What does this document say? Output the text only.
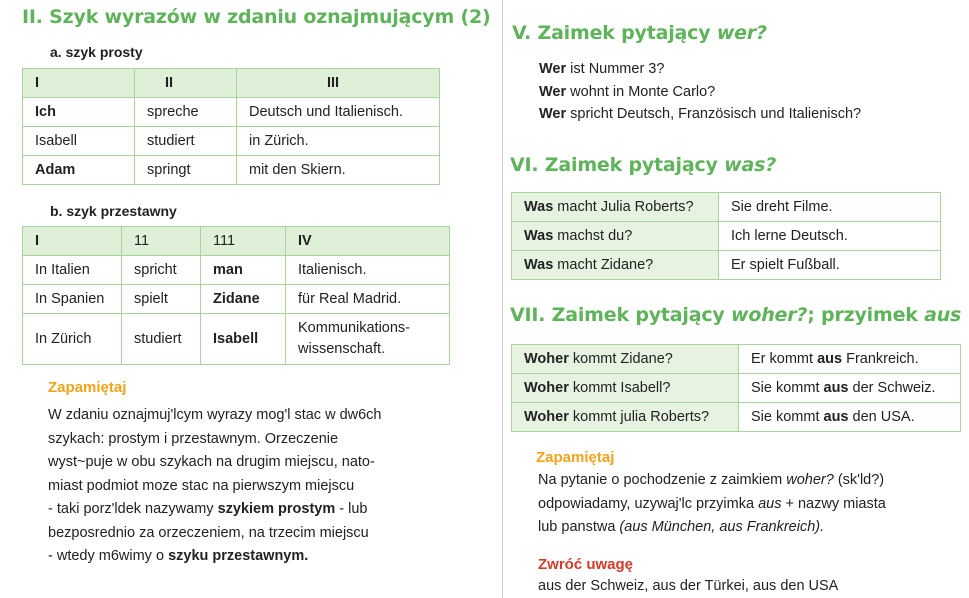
II. Szyk wyrazów w zdaniu oznajmującym (2)
a. szyk prosty
I	II	III
Ich	spreche	Deutsch und Italienisch.
Isabell	studiert	in Zürich.
Adam	springt	mit den Skiern.
b. szyk przestawny
I	11	111	IV
In Italien	spricht	man	Italienisch.
In Spanien	spielt	Zidane	für Real Madrid.
In Zürich	studiert	Isabell	Kommunikations-
wissenschaft.
Zapamiętaj
W zdaniu oznajmuj'lcym wyrazy mog'l stac w dw6ch
szykach: prostym i przestawnym. Orzeczenie
wyst~puje w obu szykach na drugim miejscu, nato-
miast podmiot moze stac na pierwszym miejscu
- taki porz'ldek nazywamy szykiem prostym - lub
bezposrednio za orzeczeniem, na trzecim miejscu
- wtedy m6wimy o szyku przestawnym.
V. Zaimek pytający wer?
Wer ist Nummer 3?
Wer wohnt in Monte Carlo?
Wer spricht Deutsch, Französisch und Italienisch?
VI. Zaimek pytający was?
Was macht Julia Roberts?	Sie dreht Filme.
Was machst du?	Ich lerne Deutsch.
Was macht Zidane?	Er spielt Fußball.
VII. Zaimek pytający woher?; przyimek aus
Woher kommt Zidane?	Er kommt aus Frankreich.
Woher kommt Isabell?	Sie kommt aus der Schweiz.
Woher kommt julia Roberts?	Sie kommt aus den USA.
Zapamiętaj
Na pytanie o pochodzenie z zaimkiem woher? (sk'ld?)
odpowiadamy, uzywaj'lc przyimka aus + nazwy miasta
lub panstwa (aus München, aus Frankreich).
Zwróć uwagę
aus der Schweiz, aus der Türkei, aus den USA
